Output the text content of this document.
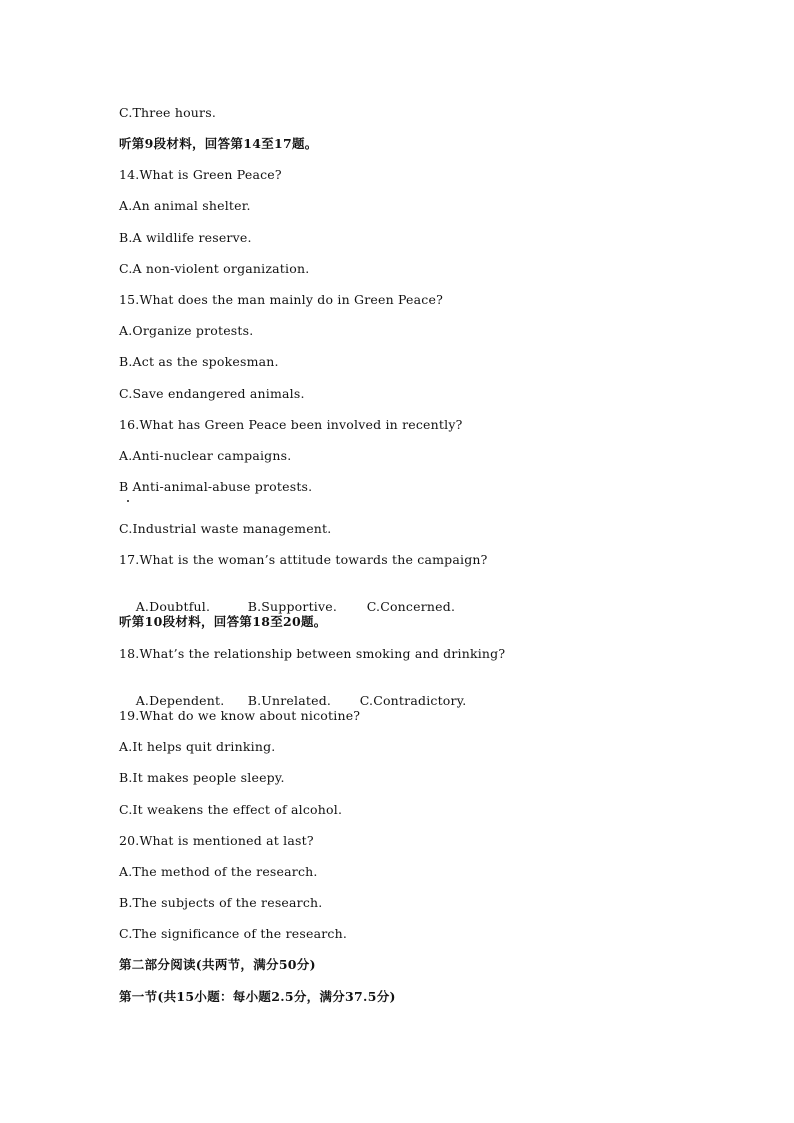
C.Three hours.
听第9段材料，回答第14至17题。
14.What is Green Peace?
A.An animal shelter.
B.A wildlife reserve.
C.A non-violent organization.
15.What does the man mainly do in Green Peace?
A.Organize protests.
B.Act as the spokesman.
C.Save endangered animals.
16.What has Green Peace been involved in recently?
A.Anti-nuclear campaigns.
B Anti-animal-abuse protests.
C.Industrial waste management.
17.What is the woman’s attitude towards the campaign?

A.Doubtful.	B.Supportive. C.Concerned.

听第10段材料，回答第18至20题。
18.What’s the relationship between smoking and drinking?

A.Dependent. B.Unrelated. C.Contradictory.

19.What do we know about nicotine?
A.It helps quit drinking.
B.It makes people sleepy.
C.It weakens the effect of alcohol.
20.What is mentioned at last?
A.The method of the research.
B.The subjects of the research.
C.The significance of the research.
第二部分阅读(共两节，满分50分)
第一节(共15小题：每小题2.5分，满分37.5分)
